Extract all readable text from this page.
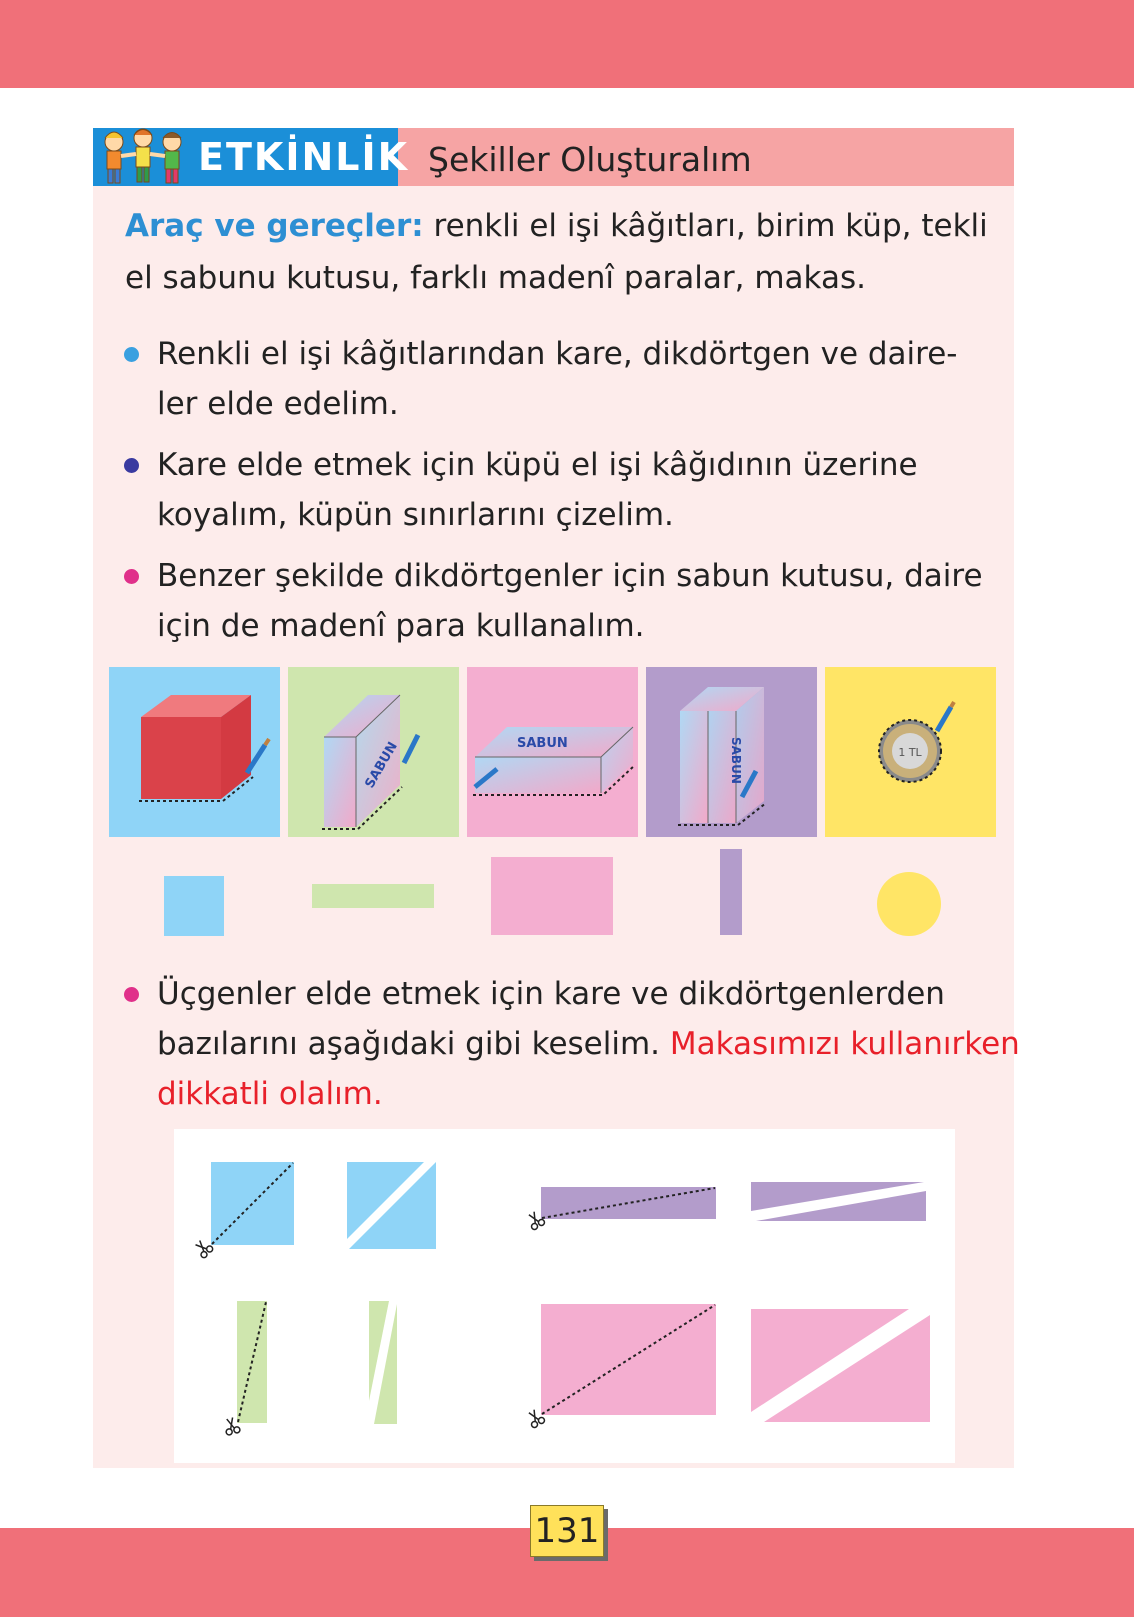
ETKİNLİK Şekiller Oluşturalım
Araç ve gereçler: renkli el işi kâğıtları, birim küp, tekli
el sabunu kutusu, farklı madenî paralar, makas.
Renkli el işi kâğıtlarından kare, dikdörtgen ve daire-
ler elde edelim.
Kare elde etmek için küpü el işi kâğıdının üzerine
koyalım, küpün sınırlarını çizelim.
Benzer şekilde dikdörtgenler için sabun kutusu, daire
için de madenî para kullanalım.
SABUN	SABUN	SABUN	1 TL
Üçgenler elde etmek için kare ve dikdörtgenlerden
bazılarını aşağıdaki gibi keselim. Makasımızı kullanırken
dikkatli olalım.
131
